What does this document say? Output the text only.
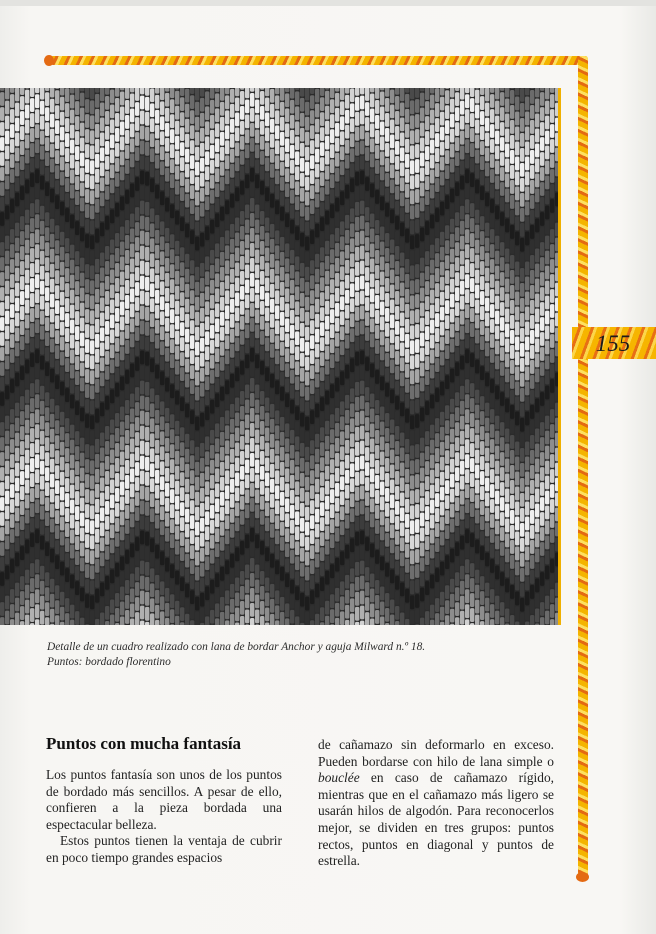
155
Detalle de un cuadro realizado con lana de bordar Anchor y aguja Milward n.º 18.
Puntos: bordado florentino
Puntos con mucha fantasía

Los puntos fantasía son unos de los puntos de bordado más sencillos. A pesar de ello, confieren a la pieza bordada una espectacular belleza.

Estos puntos tienen la ventaja de cubrir en poco tiempo grandes espacios

de cañamazo sin deformarlo en exceso. Pueden bordarse con hilo de lana simple o bouclée en caso de cañamazo rígido, mientras que en el cañamazo más ligero se usarán hilos de algodón. Para reconocerlos mejor, se dividen en tres grupos: puntos rectos, puntos en diagonal y puntos de estrella.
